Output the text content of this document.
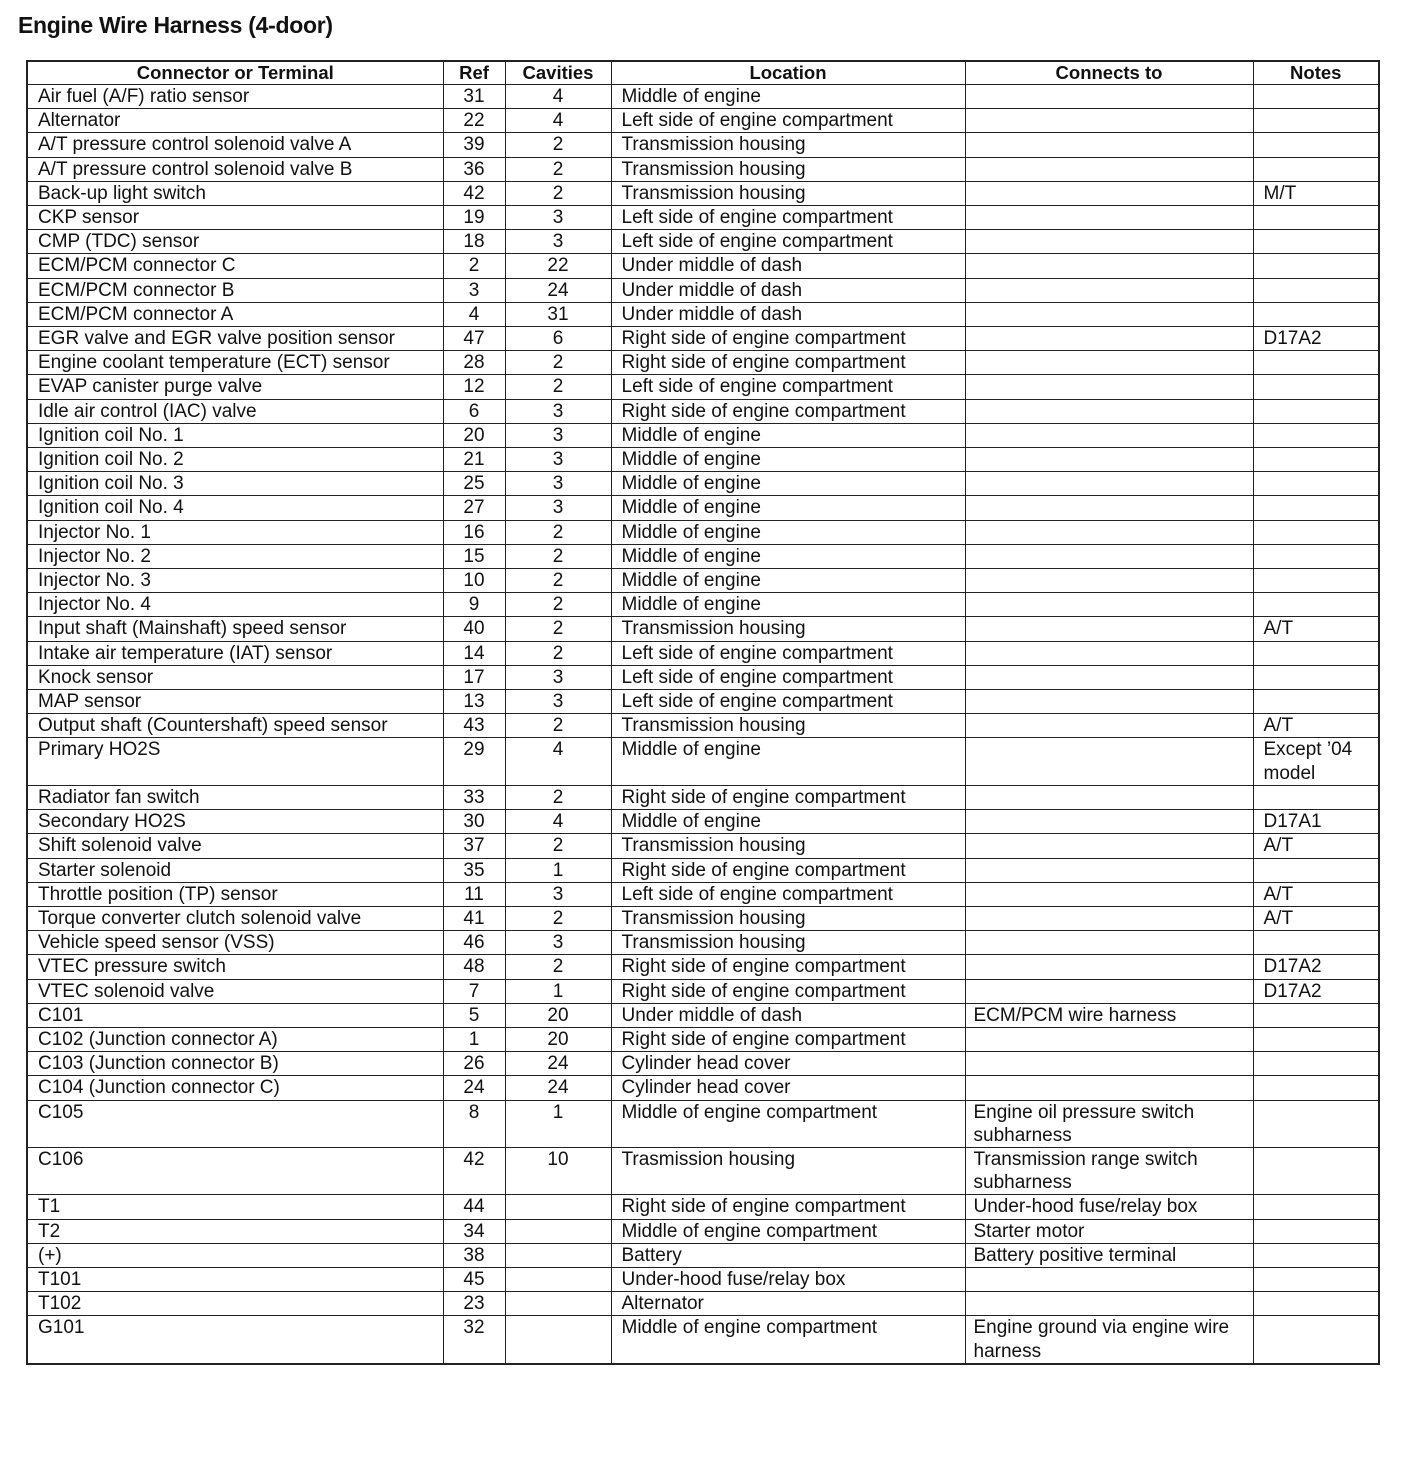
Engine Wire Harness (4-door)
Connector or Terminal	Ref	Cavities	Location	Connects to	Notes
Air fuel (A/F) ratio sensor	31	4	Middle of engine		
Alternator	22	4	Left side of engine compartment		
A/T pressure control solenoid valve A	39	2	Transmission housing		
A/T pressure control solenoid valve B	36	2	Transmission housing		
Back-up light switch	42	2	Transmission housing		M/T
CKP sensor	19	3	Left side of engine compartment		
CMP (TDC) sensor	18	3	Left side of engine compartment		
ECM/PCM connector C	2	22	Under middle of dash		
ECM/PCM connector B	3	24	Under middle of dash		
ECM/PCM connector A	4	31	Under middle of dash		
EGR valve and EGR valve position sensor	47	6	Right side of engine compartment		D17A2
Engine coolant temperature (ECT) sensor	28	2	Right side of engine compartment		
EVAP canister purge valve	12	2	Left side of engine compartment		
Idle air control (IAC) valve	6	3	Right side of engine compartment		
Ignition coil No. 1	20	3	Middle of engine		
Ignition coil No. 2	21	3	Middle of engine		
Ignition coil No. 3	25	3	Middle of engine		
Ignition coil No. 4	27	3	Middle of engine		
Injector No. 1	16	2	Middle of engine		
Injector No. 2	15	2	Middle of engine		
Injector No. 3	10	2	Middle of engine		
Injector No. 4	9	2	Middle of engine		
Input shaft (Mainshaft) speed sensor	40	2	Transmission housing		A/T
Intake air temperature (IAT) sensor	14	2	Left side of engine compartment		
Knock sensor	17	3	Left side of engine compartment		
MAP sensor	13	3	Left side of engine compartment		
Output shaft (Countershaft) speed sensor	43	2	Transmission housing		A/T
Primary HO2S	29	4	Middle of engine		Except ’04 model
Radiator fan switch	33	2	Right side of engine compartment		
Secondary HO2S	30	4	Middle of engine		D17A1
Shift solenoid valve	37	2	Transmission housing		A/T
Starter solenoid	35	1	Right side of engine compartment		
Throttle position (TP) sensor	11	3	Left side of engine compartment		A/T
Torque converter clutch solenoid valve	41	2	Transmission housing		A/T
Vehicle speed sensor (VSS)	46	3	Transmission housing		
VTEC pressure switch	48	2	Right side of engine compartment		D17A2
VTEC solenoid valve	7	1	Right side of engine compartment		D17A2
C101	5	20	Under middle of dash	ECM/PCM wire harness	
C102 (Junction connector A)	1	20	Right side of engine compartment		
C103 (Junction connector B)	26	24	Cylinder head cover		
C104 (Junction connector C)	24	24	Cylinder head cover		
C105	8	1	Middle of engine compartment	Engine oil pressure switch subharness	
C106	42	10	Trasmission housing	Transmission range switch subharness	
T1	44		Right side of engine compartment	Under-hood fuse/relay box	
T2	34		Middle of engine compartment	Starter motor	
(+)	38		Battery	Battery positive terminal	
T101	45		Under-hood fuse/relay box		
T102	23		Alternator		
G101	32		Middle of engine compartment	Engine ground via engine wire harness	
